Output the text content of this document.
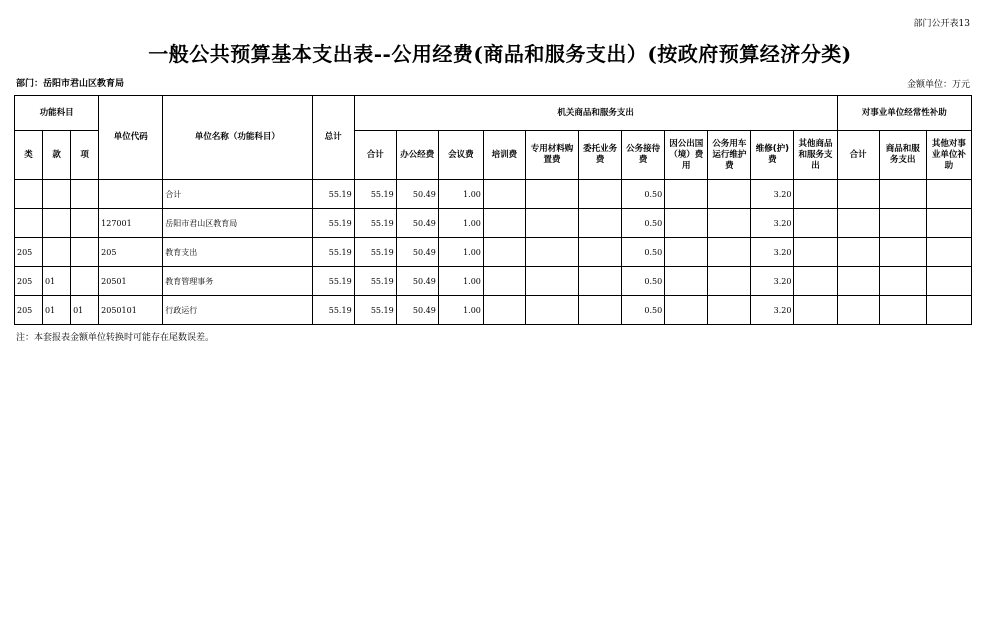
部门公开表13
一般公共预算基本支出表--公用经费(商品和服务支出）(按政府预算经济分类)
部门：岳阳市君山区教育局	金额单位：万元
功能科目			单位代码	单位名称（功能科目）	总计	机关商品和服务支出											对事业单位经常性补助		
类	款	项				合计	办公经费	会议费	培训费	专用材料购置费	委托业务费	公务接待费	因公出国（境）费用	公务用车运行维护费	维修(护)费	其他商品和服务支出	合计	商品和服务支出	其他对事业单位补助
				合计	55.19	55.19	50.49	1.00				0.50			3.20				
			127001	岳阳市君山区教育局	55.19	55.19	50.49	1.00				0.50			3.20				
205			205	教育支出	55.19	55.19	50.49	1.00				0.50			3.20				
205	01		20501	教育管理事务	55.19	55.19	50.49	1.00				0.50			3.20				
205	01	01	2050101	行政运行	55.19	55.19	50.49	1.00				0.50			3.20				
注：本套报表金额单位转换时可能存在尾数误差。
